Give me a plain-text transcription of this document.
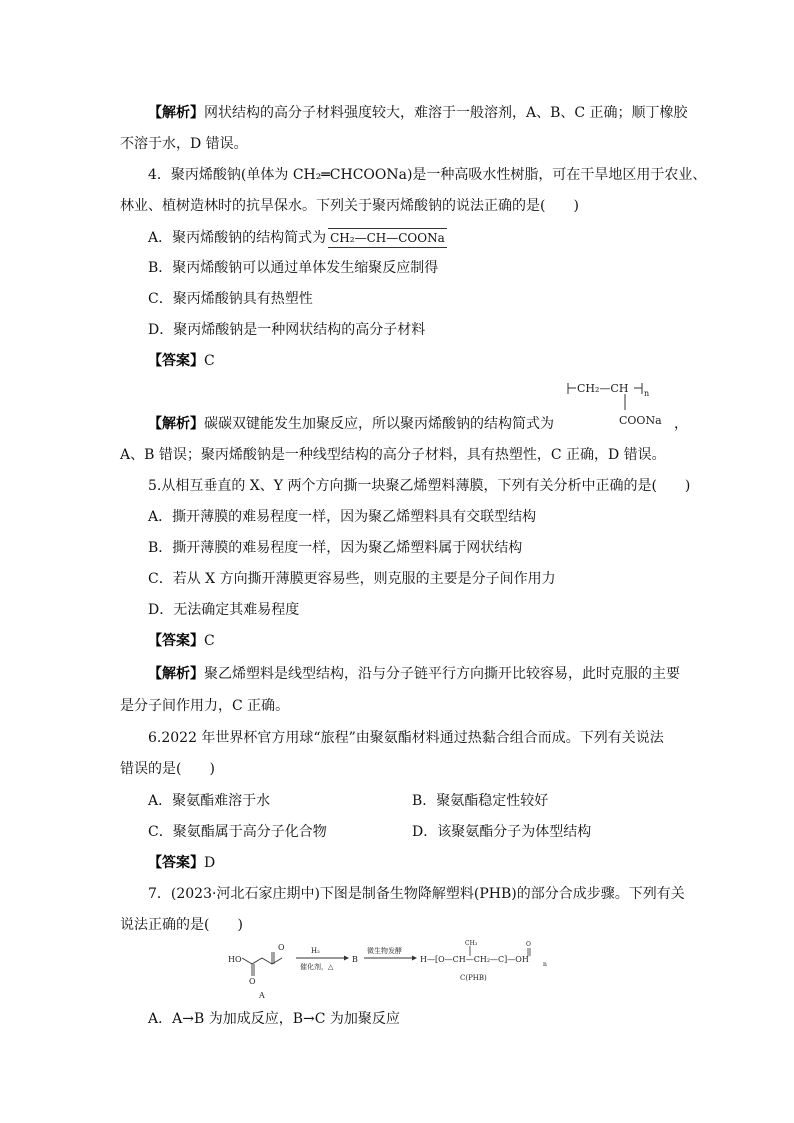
【解析】网状结构的高分子材料强度较大，难溶于一般溶剂，A、B、C 正确；顺丁橡胶
不溶于水，D 错误。
4．聚丙烯酸钠(单体为 CH₂═CHCOONa)是一种高吸水性树脂，可在干旱地区用于农业、
林业、植树造林时的抗旱保水。下列关于聚丙烯酸钠的说法正确的是(　　)
A．聚丙烯酸钠的结构简式为 CH₂—CH—COONa
B．聚丙烯酸钠可以通过单体发生缩聚反应制得
C．聚丙烯酸钠具有热塑性
D．聚丙烯酸钠是一种网状结构的高分子材料
【答案】C
CH₂—CH n
COONa
【解析】碳碳双键能发生加聚反应，所以聚丙烯酸钠的结构简式为	，
A、B 错误；聚丙烯酸钠是一种线型结构的高分子材料，具有热塑性，C 正确，D 错误。
5.从相互垂直的 X、Y 两个方向撕一块聚乙烯塑料薄膜，下列有关分析中正确的是(　　)
A．撕开薄膜的难易程度一样，因为聚乙烯塑料具有交联型结构
B．撕开薄膜的难易程度一样，因为聚乙烯塑料属于网状结构
C．若从 X 方向撕开薄膜更容易些，则克服的主要是分子间作用力
D．无法确定其难易程度
【答案】C
【解析】聚乙烯塑料是线型结构，沿与分子链平行方向撕开比较容易，此时克服的主要
是分子间作用力，C 正确。
6.2022 年世界杯官方用球“旅程”由聚氨酯材料通过热黏合组合而成。下列有关说法
错误的是(　　)
A．聚氨酯难溶于水	B．聚氨酯稳定性较好
C．聚氨酯属于高分子化合物	D．该聚氨酯分子为体型结构
【答案】D
7．(2023·河北石家庄期中)下图是制备生物降解塑料(PHB)的部分合成步骤。下列有关
说法正确的是(　　)
HO
O
O
A
H₂
催化剂，△
B
微生物发酵
H—[O—CH—CH₂—C]—OH
CH₃	O
n
C(PHB)
A．A→B 为加成反应，B→C 为加聚反应
